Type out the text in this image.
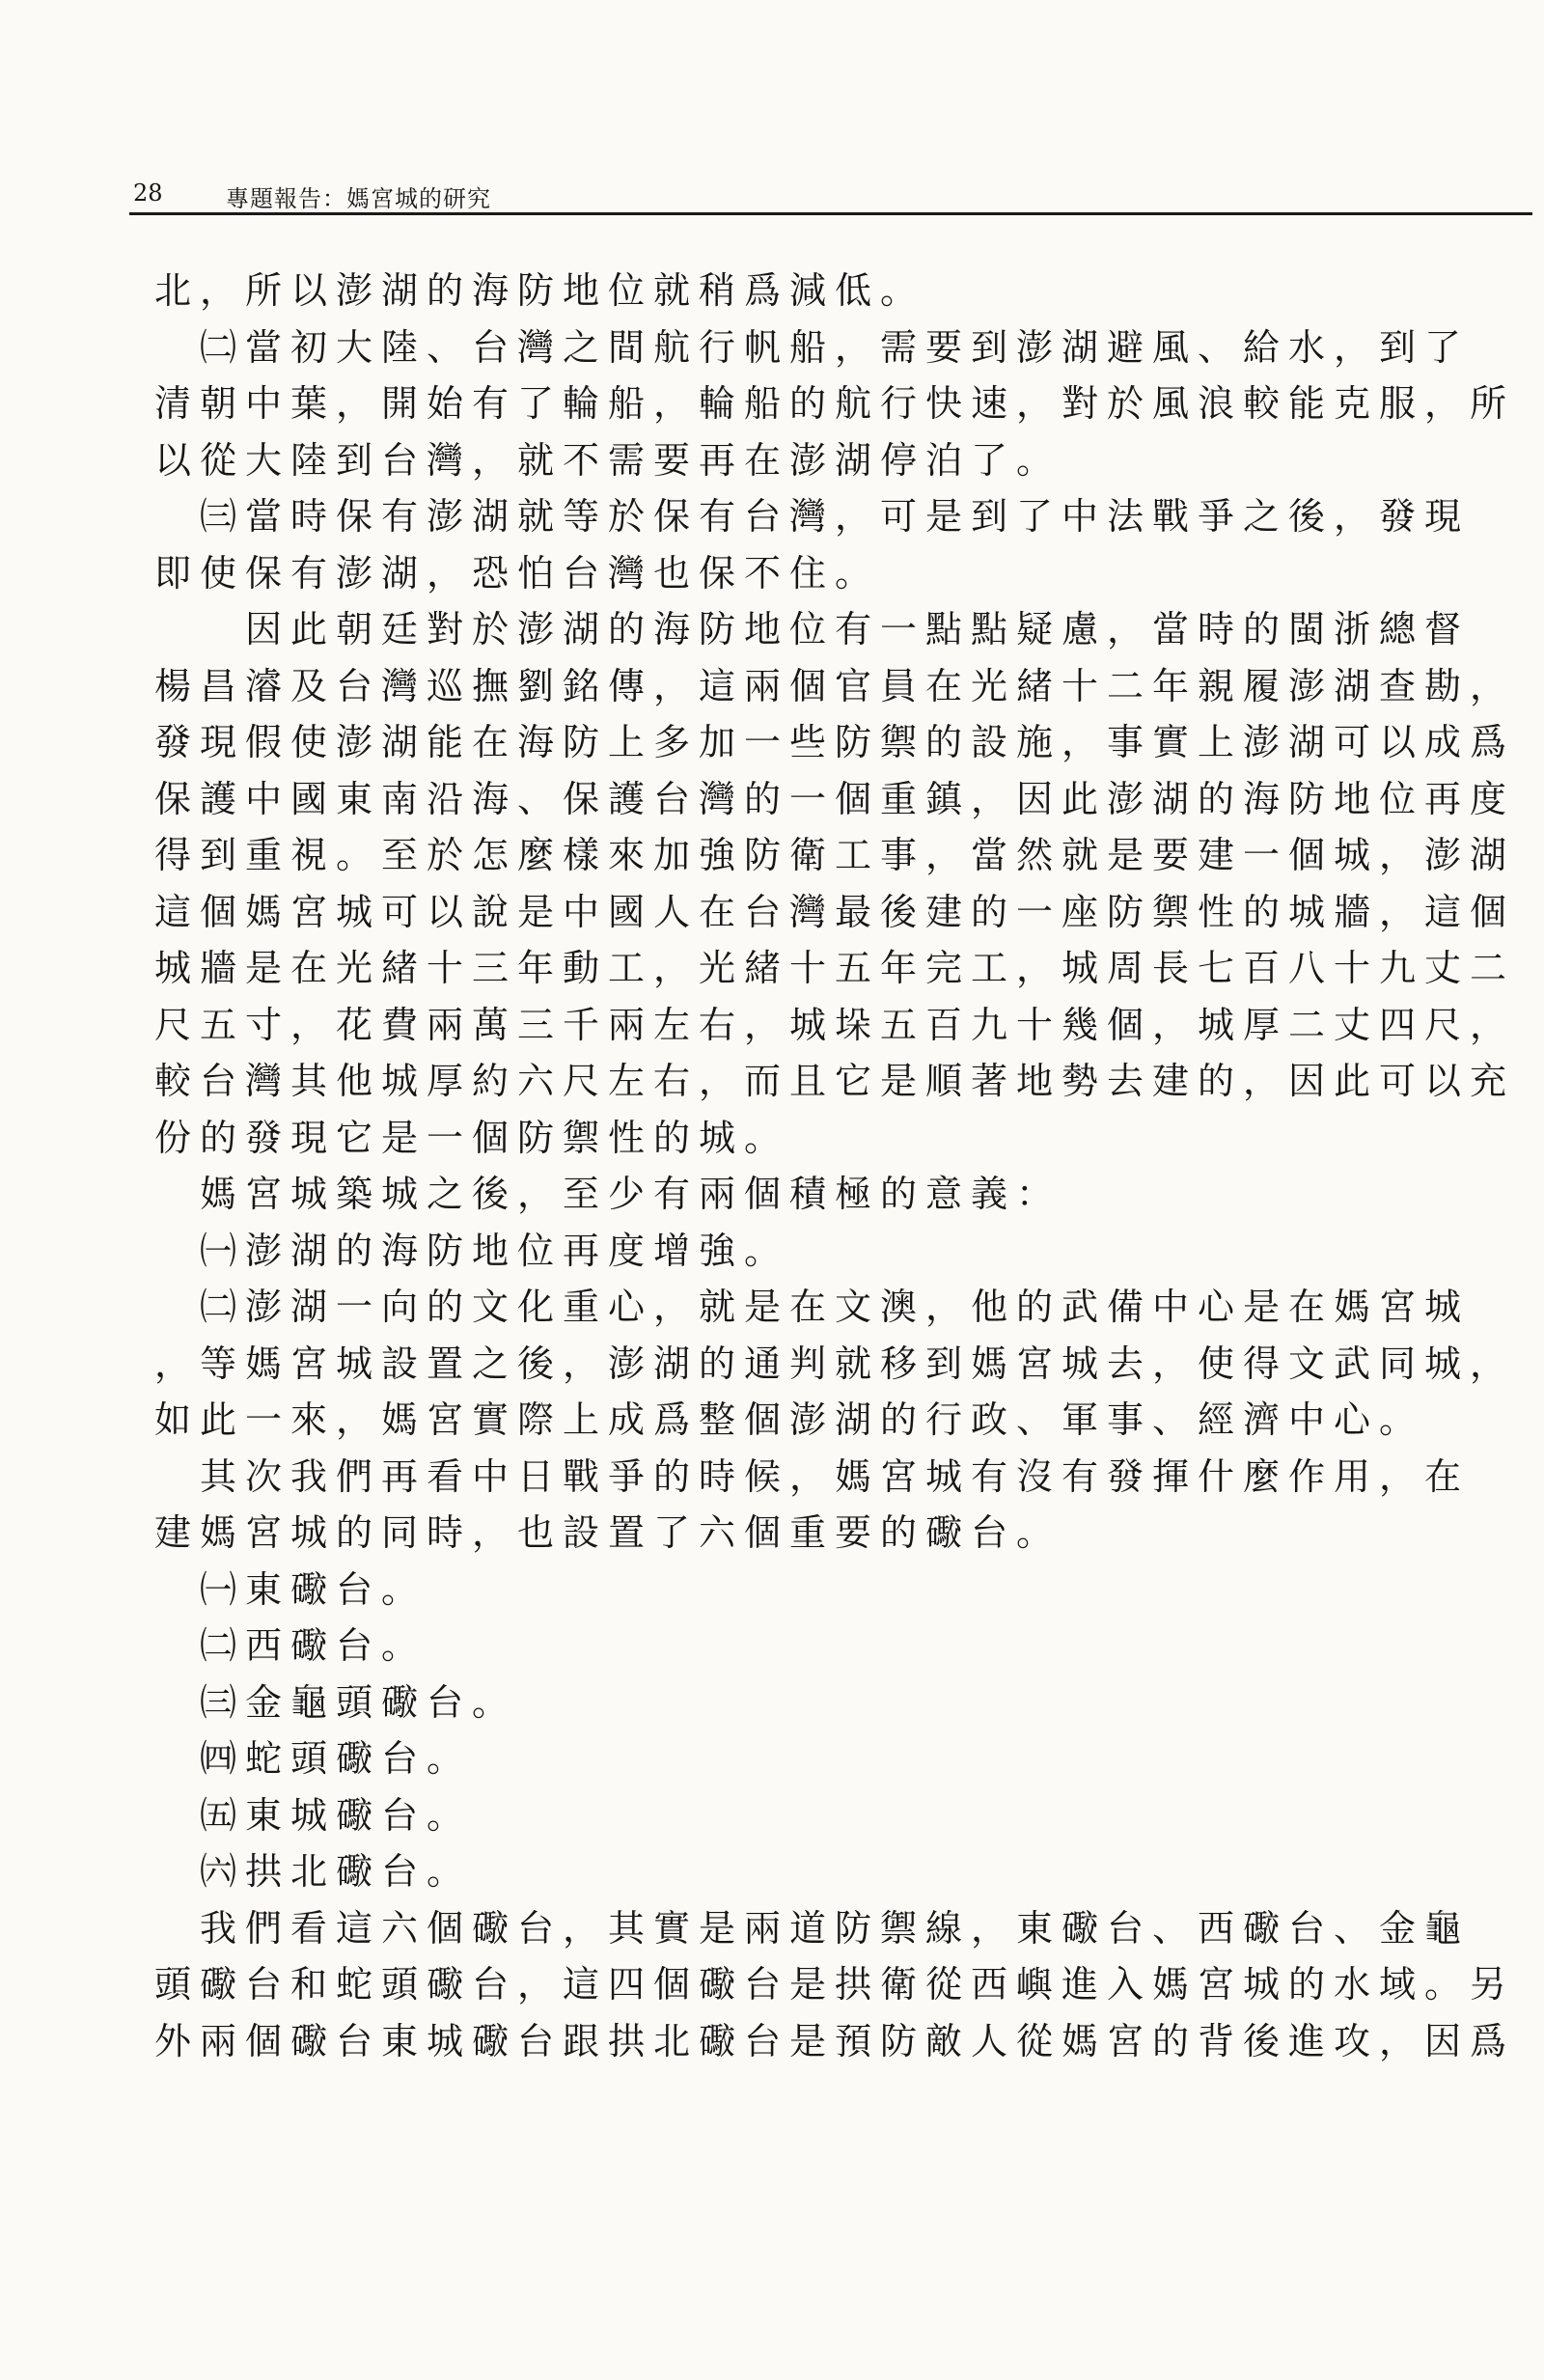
28	專題報告：媽宮城的研究

北，所以澎湖的海防地位就稍爲減低。

　㈡當初大陸、台灣之間航行帆船，需要到澎湖避風、給水，到了

清朝中葉，開始有了輪船，輪船的航行快速，對於風浪較能克服，所

以從大陸到台灣，就不需要再在澎湖停泊了。

　㈢當時保有澎湖就等於保有台灣，可是到了中法戰爭之後，發現

即使保有澎湖，恐怕台灣也保不住。

　　因此朝廷對於澎湖的海防地位有一點點疑慮，當時的閩浙總督

楊昌濬及台灣巡撫劉銘傳，這兩個官員在光緒十二年親履澎湖查勘，

發現假使澎湖能在海防上多加一些防禦的設施，事實上澎湖可以成爲

保護中國東南沿海、保護台灣的一個重鎮，因此澎湖的海防地位再度

得到重視。至於怎麼樣來加強防衛工事，當然就是要建一個城，澎湖

這個媽宮城可以說是中國人在台灣最後建的一座防禦性的城牆，這個

城牆是在光緒十三年動工，光緒十五年完工，城周長七百八十九丈二

尺五寸，花費兩萬三千兩左右，城垛五百九十幾個，城厚二丈四尺，

較台灣其他城厚約六尺左右，而且它是順著地勢去建的，因此可以充

份的發現它是一個防禦性的城。

　媽宮城築城之後，至少有兩個積極的意義：

　㈠澎湖的海防地位再度增強。

　㈡澎湖一向的文化重心，就是在文澳，他的武備中心是在媽宮城

，等媽宮城設置之後，澎湖的通判就移到媽宮城去，使得文武同城，

如此一來，媽宮實際上成爲整個澎湖的行政、軍事、經濟中心。

　其次我們再看中日戰爭的時候，媽宮城有沒有發揮什麼作用，在

建媽宮城的同時，也設置了六個重要的礮台。

　㈠東礮台。

　㈡西礮台。

　㈢金龜頭礮台。

　㈣蛇頭礮台。

　㈤東城礮台。

　㈥拱北礮台。

　我們看這六個礮台，其實是兩道防禦線，東礮台、西礮台、金龜

頭礮台和蛇頭礮台，這四個礮台是拱衛從西嶼進入媽宮城的水域。另

外兩個礮台東城礮台跟拱北礮台是預防敵人從媽宮的背後進攻，因爲
